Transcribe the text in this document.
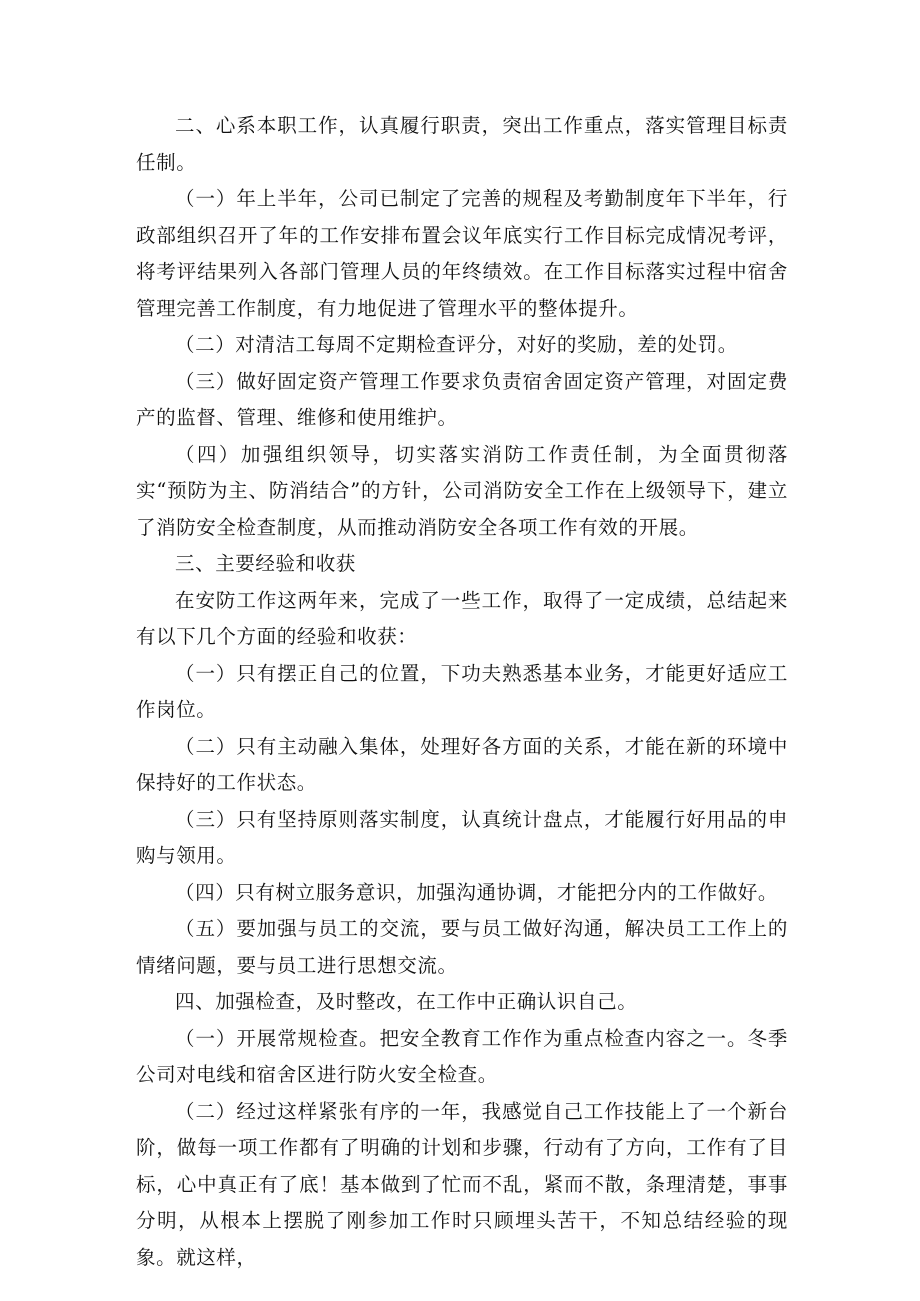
二、心系本职工作，认真履行职责，突出工作重点，落实管理目标责任制。

（一）年上半年，公司已制定了完善的规程及考勤制度年下半年，行政部组织召开了年的工作安排布置会议年底实行工作目标完成情况考评，将考评结果列入各部门管理人员的年终绩效。在工作目标落实过程中宿舍管理完善工作制度，有力地促进了管理水平的整体提升。

（二）对清洁工每周不定期检查评分，对好的奖励，差的处罚。

（三）做好固定资产管理工作要求负责宿舍固定资产管理，对固定费产的监督、管理、维修和使用维护。

（四）加强组织领导，切实落实消防工作责任制，为全面贯彻落实“预防为主、防消结合”的方针，公司消防安全工作在上级领导下，建立了消防安全检查制度，从而推动消防安全各项工作有效的开展。

三、主要经验和收获

在安防工作这两年来，完成了一些工作，取得了一定成绩，总结起来有以下几个方面的经验和收获：

（一）只有摆正自己的位置，下功夫熟悉基本业务，才能更好适应工作岗位。

（二）只有主动融入集体，处理好各方面的关系，才能在新的环境中保持好的工作状态。

（三）只有坚持原则落实制度，认真统计盘点，才能履行好用品的申购与领用。

（四）只有树立服务意识，加强沟通协调，才能把分内的工作做好。

（五）要加强与员工的交流，要与员工做好沟通，解决员工工作上的情绪问题，要与员工进行思想交流。

四、加强检查，及时整改，在工作中正确认识自己。

（一）开展常规检查。把安全教育工作作为重点检查内容之一。冬季公司对电线和宿舍区进行防火安全检查。

（二）经过这样紧张有序的一年，我感觉自己工作技能上了一个新台阶，做每一项工作都有了明确的计划和步骤，行动有了方向，工作有了目标，心中真正有了底！基本做到了忙而不乱，紧而不散，条理清楚，事事分明，从根本上摆脱了刚参加工作时只顾埋头苦干，不知总结经验的现象。就这样，
